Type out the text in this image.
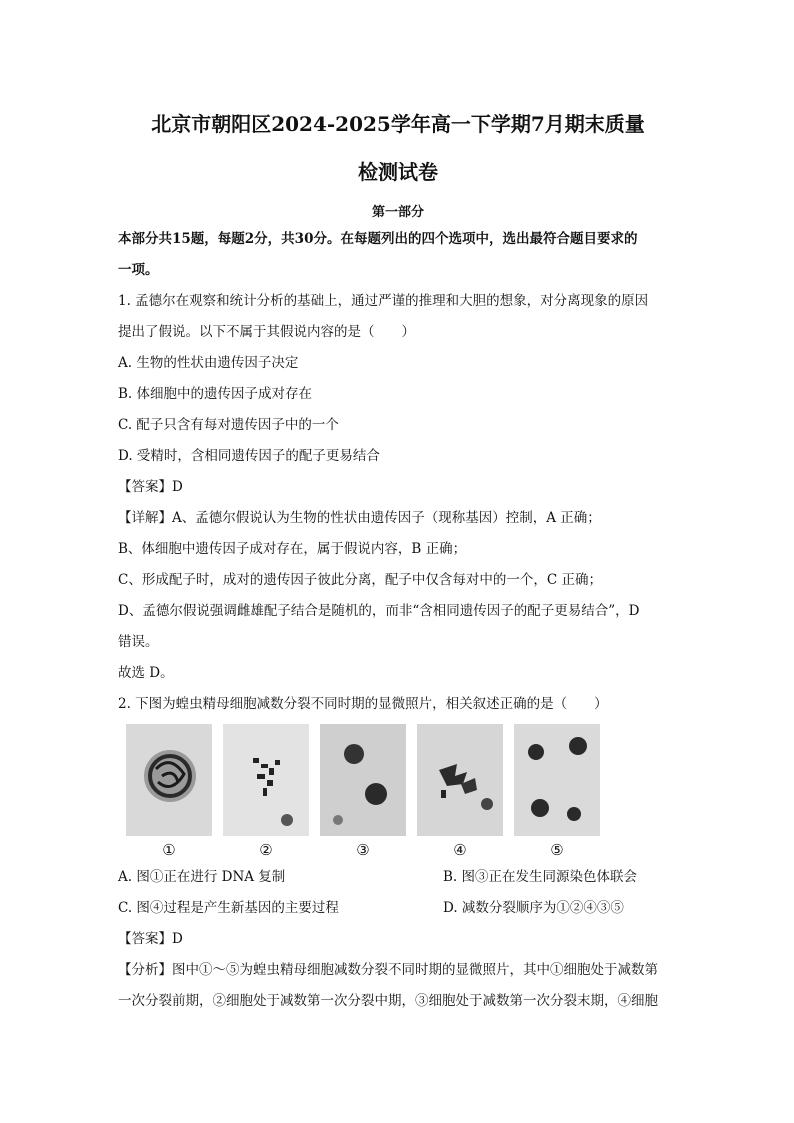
北京市朝阳区2024-2025学年高一下学期7月期末质量
检测试卷
第一部分

本部分共15题，每题2分，共30分。在每题列出的四个选项中，选出最符合题目要求的

一项。

1. 孟德尔在观察和统计分析的基础上，通过严谨的推理和大胆的想象，对分离现象的原因

提出了假说。以下不属于其假说内容的是（　　）

A. 生物的性状由遗传因子决定

B. 体细胞中的遗传因子成对存在

C. 配子只含有每对遗传因子中的一个

D. 受精时，含相同遗传因子的配子更易结合

【答案】D

【详解】A、孟德尔假说认为生物的性状由遗传因子（现称基因）控制，A 正确；

B、体细胞中遗传因子成对存在，属于假说内容，B 正确；

C、形成配子时，成对的遗传因子彼此分离，配子中仅含每对中的一个，C 正确；

D、孟德尔假说强调雌雄配子结合是随机的，而非“含相同遗传因子的配子更易结合”，D

错误。

故选 D。

2. 下图为蝗虫精母细胞减数分裂不同时期的显微照片，相关叙述正确的是（　　）

①	②	③	④	⑤

A. 图①正在进行 DNA 复制	B. 图③正在发生同源染色体联会

C. 图④过程是产生新基因的主要过程	D. 减数分裂顺序为①②④③⑤

【答案】D

【分析】图中①～⑤为蝗虫精母细胞减数分裂不同时期的显微照片，其中①细胞处于减数第

一次分裂前期，②细胞处于减数第一次分裂中期，③细胞处于减数第一次分裂末期，④细胞
